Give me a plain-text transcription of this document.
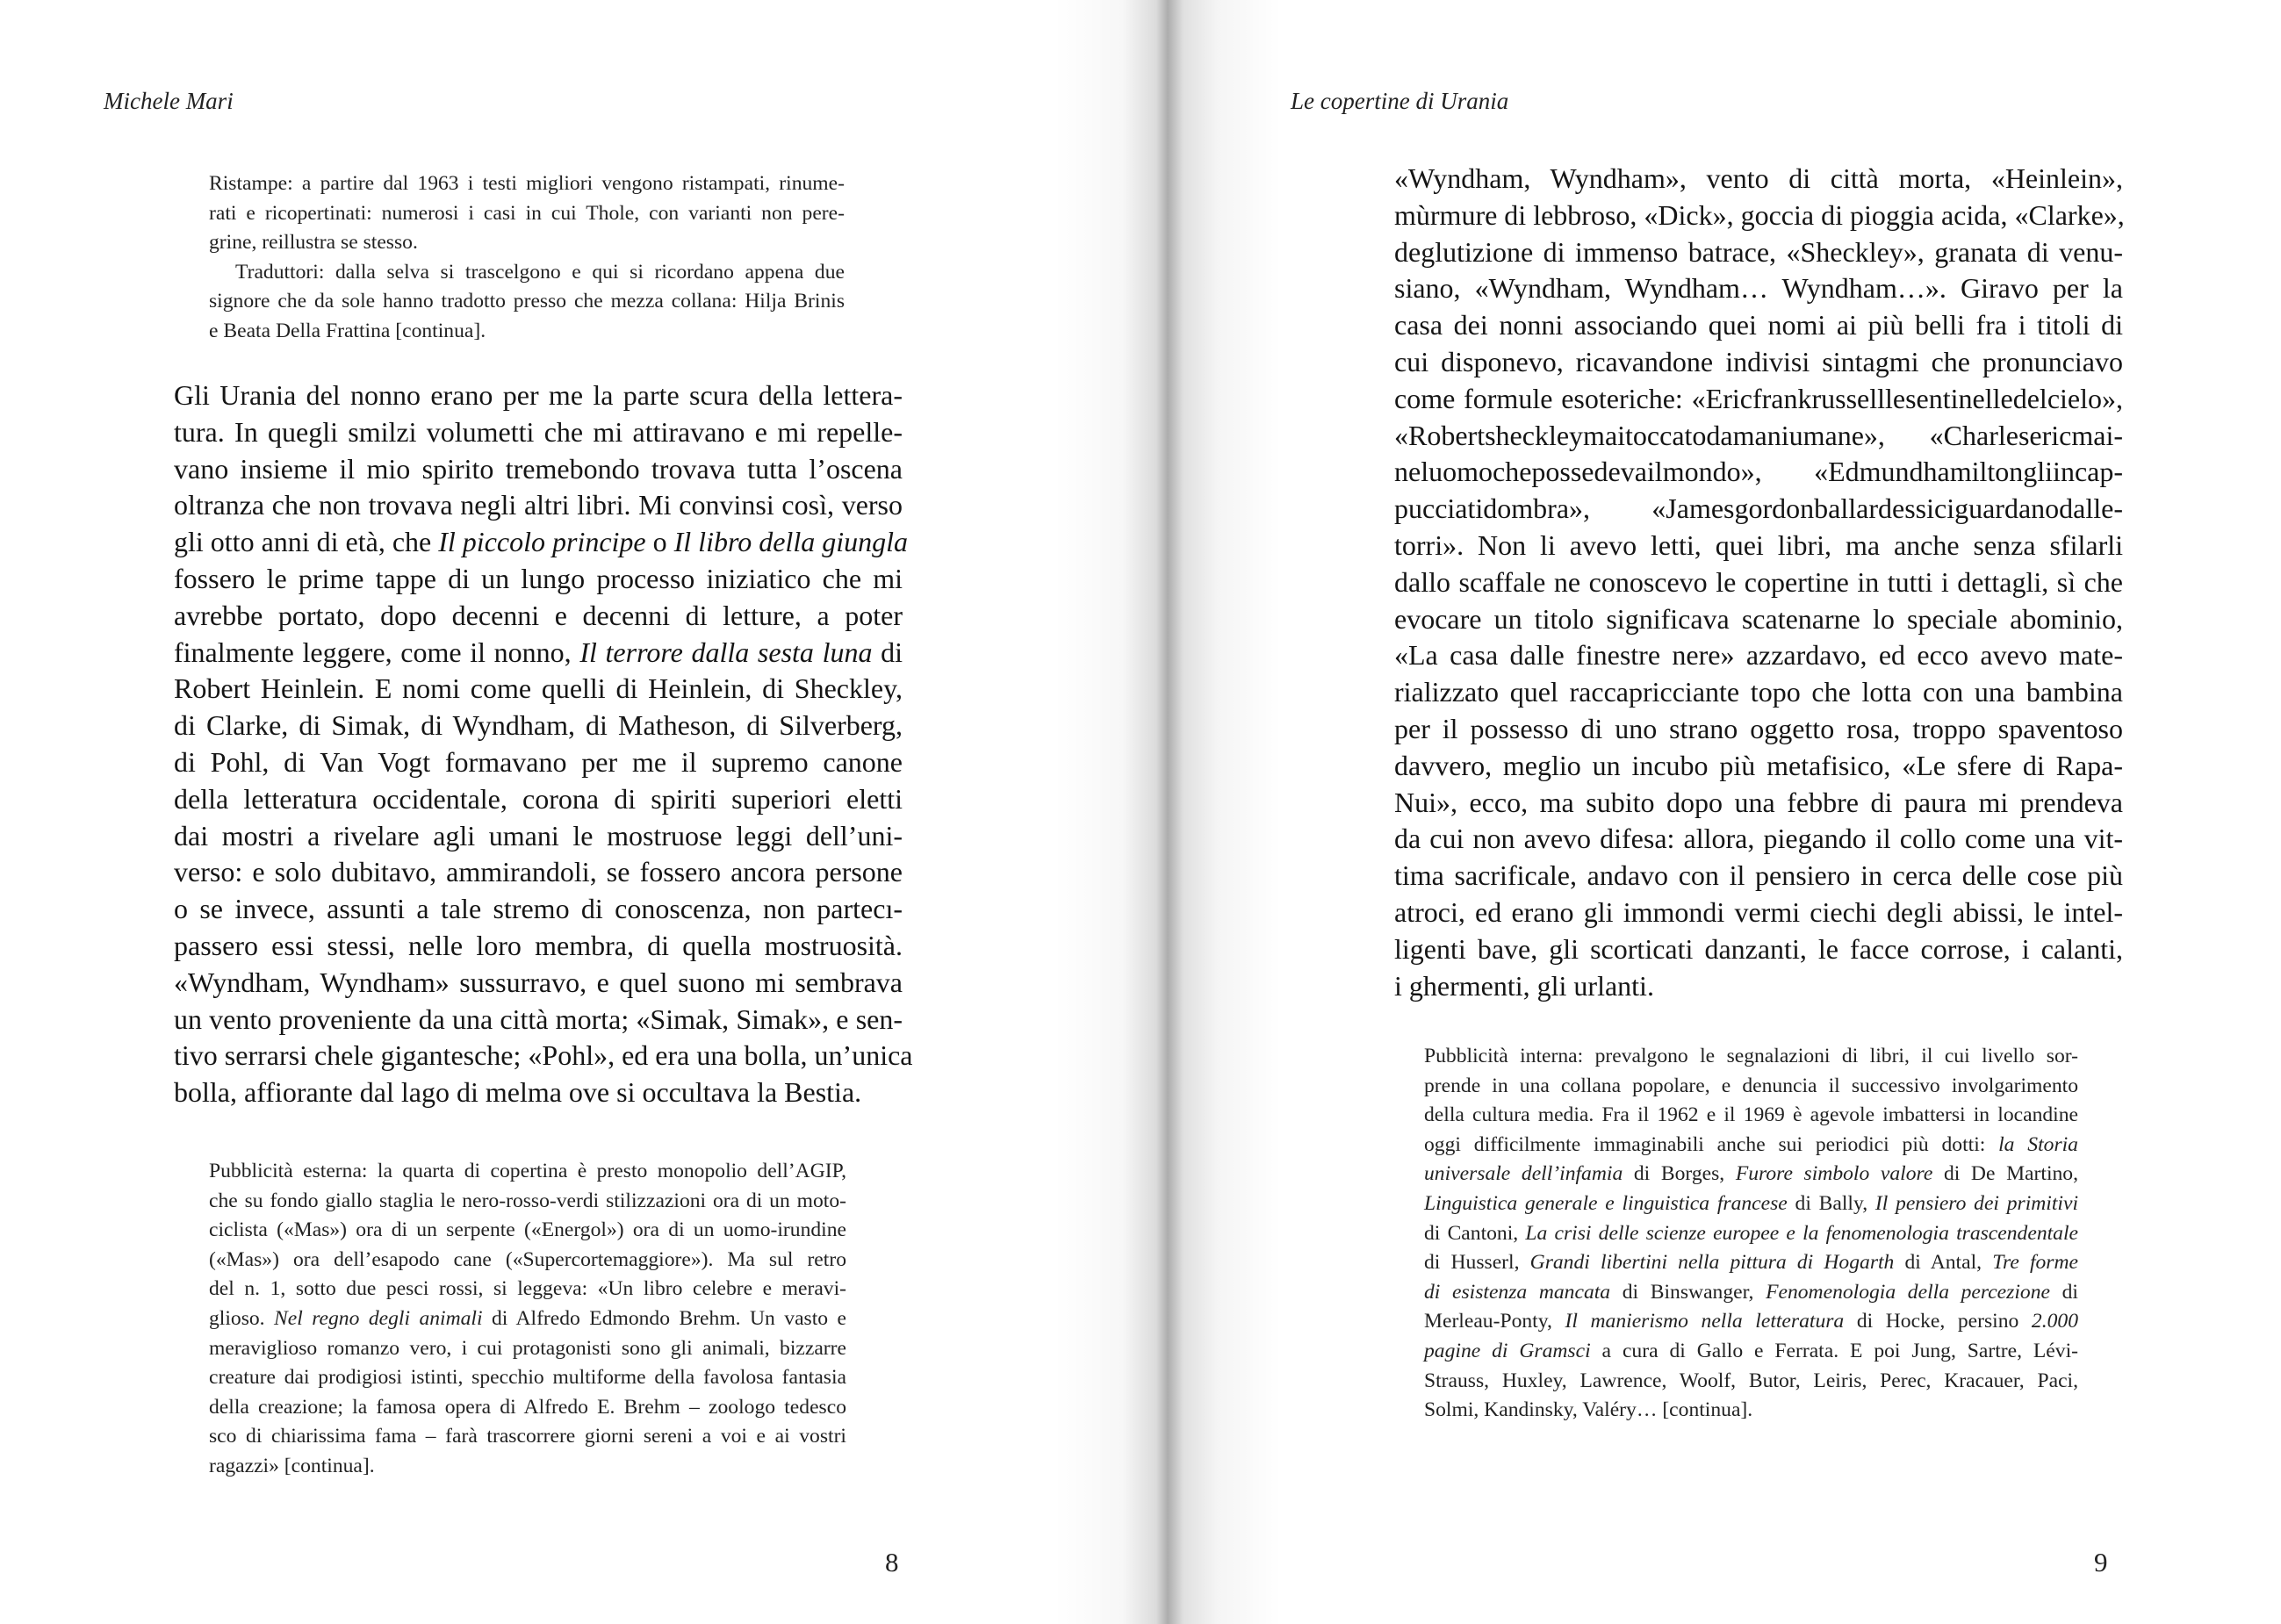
Michele Mari
Ristampe: a partire dal 1963 i testi migliori vengono ristampati, rinume-
rati e ricopertinati: numerosi i casi in cui Thole, con varianti non pere-
grine, reillustra se stesso.
Traduttori: dalla selva si trascelgono e qui si ricordano appena due
signore che da sole hanno tradotto presso che mezza collana: Hilja Brinis
e Beata Della Frattina [continua].
Gli Urania del nonno erano per me la parte scura della lettera-
tura. In quegli smilzi volumetti che mi attiravano e mi repelle-
vano insieme il mio spirito tremebondo trovava tutta l’oscena
oltranza che non trovava negli altri libri. Mi convinsi così, verso
gli otto anni di età, che Il piccolo principe o Il libro della giungla
fossero le prime tappe di un lungo processo iniziatico che mi
avrebbe portato, dopo decenni e decenni di letture, a poter
finalmente leggere, come il nonno, Il terrore dalla sesta luna di
Robert Heinlein. E nomi come quelli di Heinlein, di Sheckley,
di Clarke, di Simak, di Wyndham, di Matheson, di Silverberg,
di Pohl, di Van Vogt formavano per me il supremo canone
della letteratura occidentale, corona di spiriti superiori eletti
dai mostri a rivelare agli umani le mostruose leggi dell’uni-
verso: e solo dubitavo, ammirandoli, se fossero ancora persone
o se invece, assunti a tale stremo di conoscenza, non partecı-
passero essi stessi, nelle loro membra, di quella mostruosità.
«Wyndham, Wyndham» sussurravo, e quel suono mi sembrava
un vento proveniente da una città morta; «Simak, Simak», e sen-
tivo serrarsi chele gigantesche; «Pohl», ed era una bolla, un’unica
bolla, affiorante dal lago di melma ove si occultava la Bestia.
Pubblicità esterna: la quarta di copertina è presto monopolio dell’AGIP,
che su fondo giallo staglia le nero-rosso-verdi stilizzazioni ora di un moto-
ciclista («Mas») ora di un serpente («Energol») ora di un uomo-irundine
(«Mas») ora dell’esapodo cane («Supercortemaggiore»). Ma sul retro
del n. 1, sotto due pesci rossi, si leggeva: «Un libro celebre e meravi-
glioso. Nel regno degli animali di Alfredo Edmondo Brehm. Un vasto e
meraviglioso romanzo vero, i cui protagonisti sono gli animali, bizzarre
creature dai prodigiosi istinti, specchio multiforme della favolosa fantasia
della creazione; la famosa opera di Alfredo E. Brehm – zoologo tedesco
sco di chiarissima fama – farà trascorrere giorni sereni a voi e ai vostri
ragazzi» [continua].
8
Le copertine di Urania
«Wyndham, Wyndham», vento di città morta, «Heinlein»,
mùrmure di lebbroso, «Dick», goccia di pioggia acida, «Clarke»,
deglutizione di immenso batrace, «Sheckley», granata di venu-
siano, «Wyndham, Wyndham… Wyndham…». Giravo per la
casa dei nonni associando quei nomi ai più belli fra i titoli di
cui disponevo, ricavandone indivisi sintagmi che pronunciavo
come formule esoteriche: «Ericfrankrusselllesentinelledelcielo»,
«Robertsheckleymaitoccatodamaniumane», «Charlesericmai-
neluomochepossedevailmondo», «Edmundhamiltongliincap-
pucciatidombra», «Jamesgordonballardessiciguardanodalle-
torri». Non li avevo letti, quei libri, ma anche senza sfilarli
dallo scaffale ne conoscevo le copertine in tutti i dettagli, sì che
evocare un titolo significava scatenarne lo speciale abominio,
«La casa dalle finestre nere» azzardavo, ed ecco avevo mate-
rializzato quel raccapricciante topo che lotta con una bambina
per il possesso di uno strano oggetto rosa, troppo spaventoso
davvero, meglio un incubo più metafisico, «Le sfere di Rapa-
Nui», ecco, ma subito dopo una febbre di paura mi prendeva
da cui non avevo difesa: allora, piegando il collo come una vit-
tima sacrificale, andavo con il pensiero in cerca delle cose più
atroci, ed erano gli immondi vermi ciechi degli abissi, le intel-
ligenti bave, gli scorticati danzanti, le facce corrose, i calanti,
i ghermenti, gli urlanti.
Pubblicità interna: prevalgono le segnalazioni di libri, il cui livello sor-
prende in una collana popolare, e denuncia il successivo involgarimento
della cultura media. Fra il 1962 e il 1969 è agevole imbattersi in locandine
oggi difficilmente immaginabili anche sui periodici più dotti: la Storia
universale dell’infamia di Borges, Furore simbolo valore di De Martino,
Linguistica generale e linguistica francese di Bally, Il pensiero dei primitivi
di Cantoni, La crisi delle scienze europee e la fenomenologia trascendentale
di Husserl, Grandi libertini nella pittura di Hogarth di Antal, Tre forme
di esistenza mancata di Binswanger, Fenomenologia della percezione di
Merleau-Ponty, Il manierismo nella letteratura di Hocke, persino 2.000
pagine di Gramsci a cura di Gallo e Ferrata. E poi Jung, Sartre, Lévi-
Strauss, Huxley, Lawrence, Woolf, Butor, Leiris, Perec, Kracauer, Paci,
Solmi, Kandinsky, Valéry… [continua].
9
